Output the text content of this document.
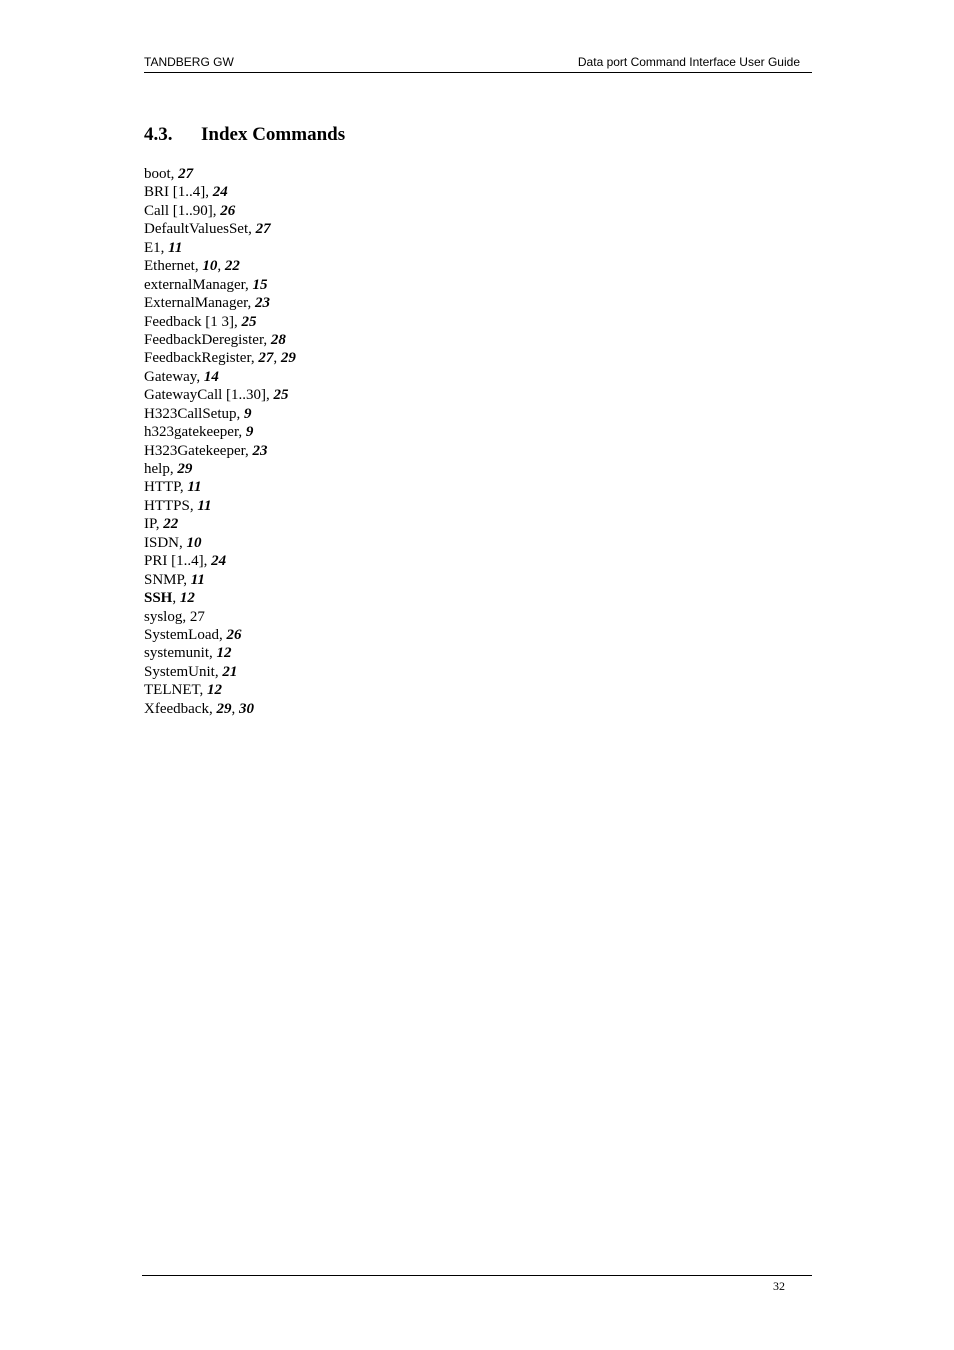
TANDBERG GW	Data port Command Interface User Guide
4.3. Index Commands
boot, 27
BRI [1..4], 24
Call [1..90], 26
DefaultValuesSet, 27
E1, 11
Ethernet, 10, 22
externalManager, 15
ExternalManager, 23
Feedback [1 3], 25
FeedbackDeregister, 28
FeedbackRegister, 27, 29
Gateway, 14
GatewayCall [1..30], 25
H323CallSetup, 9
h323gatekeeper, 9
H323Gatekeeper, 23
help, 29
HTTP, 11
HTTPS, 11
IP, 22
ISDN, 10
PRI [1..4], 24
SNMP, 11
SSH, 12
syslog, 27
SystemLoad, 26
systemunit, 12
SystemUnit, 21
TELNET, 12
Xfeedback, 29, 30
32
